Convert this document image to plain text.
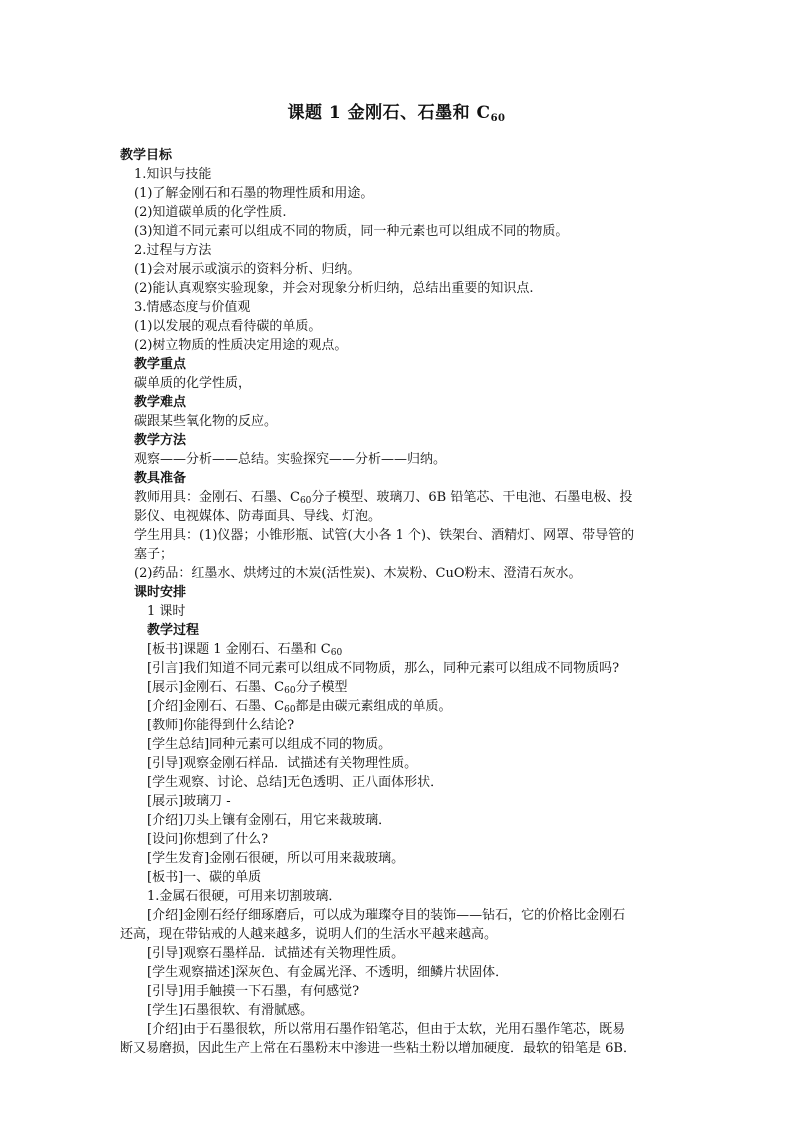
课题 1 金刚石、石墨和 $C_{60}$
教学目标
1.知识与技能
(1)了解金刚石和石墨的物理性质和用途。
(2)知道碳单质的化学性质.
(3)知道不同元素可以组成不同的物质，同一种元素也可以组成不同的物质。
2.过程与方法
(1)会对展示或演示的资料分析、归纳。
(2)能认真观察实验现象，并会对现象分析归纳，总结出重要的知识点.
3.情感态度与价值观
(1)以发展的观点看待碳的单质。
(2)树立物质的性质决定用途的观点。
教学重点
碳单质的化学性质，
教学难点
碳跟某些氧化物的反应。
教学方法
观察——分析——总结。实验探究——分析——归纳。
教具准备
教师用具：金刚石、石墨、$C_{60}$分子模型、玻璃刀、6B 铅笔芯、干电池、石墨电极、投
影仪、电视媒体、防毒面具、导线、灯泡。
学生用具：(1)仪器；小锥形瓶、试管(大小各 1 个)、铁架台、酒精灯、网罩、带导管的
塞子；
(2)药品：红墨水、烘烤过的木炭(活性炭)、木炭粉、CuO粉末、澄清石灰水。
课时安排
1 课时
教学过程
[板书]课题 1 金刚石、石墨和 $C_{60}$
[引言]我们知道不同元素可以组成不同物质，那么，同种元素可以组成不同物质吗?
[展示]金刚石、石墨、$C_{60}$分子模型
[介绍]金刚石、石墨、$C_{60}$都是由碳元素组成的单质。
[教师]你能得到什么结论?
[学生总结]同种元素可以组成不同的物质。
[引导]观察金刚石样品．试描述有关物理性质。
[学生观察、讨论、总结]无色透明、正八面体形状．
[展示]玻璃刀 -
[介绍]刀头上镶有金刚石，用它来裁玻璃．
[设问]你想到了什么?
[学生发育]金刚石很硬，所以可用来裁玻璃。
[板书]一、碳的单质
1.金属石很硬，可用来切割玻璃．
[介绍]金刚石经仔细琢磨后，可以成为璀璨夺目的装饰——钻石，它的价格比金刚石
还高，现在带钻戒的人越来越多，说明人们的生活水平越来越高。
[引导]观察石墨样品．试描述有关物理性质。
[学生观察描述]深灰色、有金属光泽、不透明，细鳞片状固体．
[引导]用手触摸一下石墨，有何感觉?
[学生]石墨很软、有滑腻感。
[介绍]由于石墨很软，所以常用石墨作铅笔芯，但由于太软，光用石墨作笔芯，既易
断又易磨损，因此生产上常在石墨粉末中渗进一些粘土粉以增加硬度．最软的铅笔是 6B．
